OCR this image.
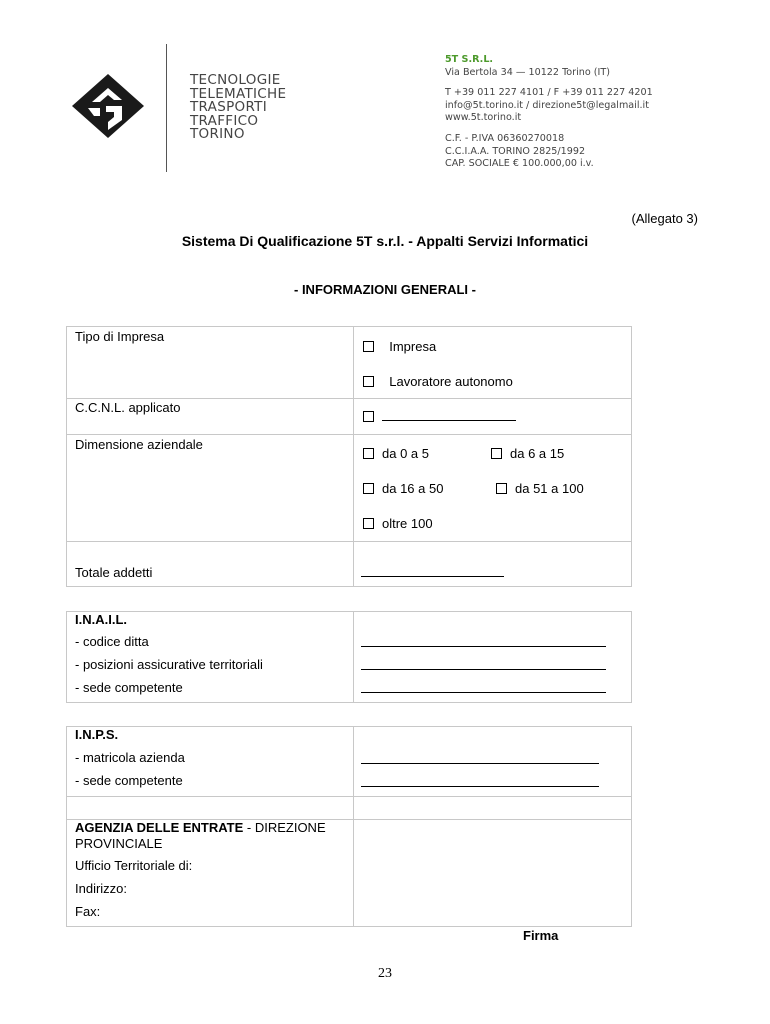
TECNOLOGIE
TELEMATICHE
TRASPORTI
TRAFFICO
TORINO
5T S.R.L.
Via Bertola 34 — 10122 Torino (IT)
T +39 011 227 4101 / F +39 011 227 4201
info@5t.torino.it / direzione5t@legalmail.it
www.5t.torino.it
C.F. - P.IVA 06360270018
C.C.I.A.A. TORINO 2825/1992
CAP. SOCIALE € 100.000,00 i.v.
(Allegato 3)
Sistema Di Qualificazione 5T s.r.l. - Appalti Servizi Informatici
- INFORMAZIONI GENERALI -
Tipo di Impresa	Impresa
Lavoratore autonomo

C.C.N.L. applicato	

Dimensione aziendale	da 0 a 5 da 6 a 15
da 16 a 50 da 51 a 100
oltre 100

Totale addetti	

I.N.A.I.L.
- codice ditta
- posizioni assicurative territoriali
- sede competente

I.N.P.S.
- matricola azienda
- sede competente	

AGENZIA DELLE ENTRATE - DIREZIONE PROVINCIALE
Ufficio Territoriale di:
Indirizzo:
Fax:	

Firma
23
